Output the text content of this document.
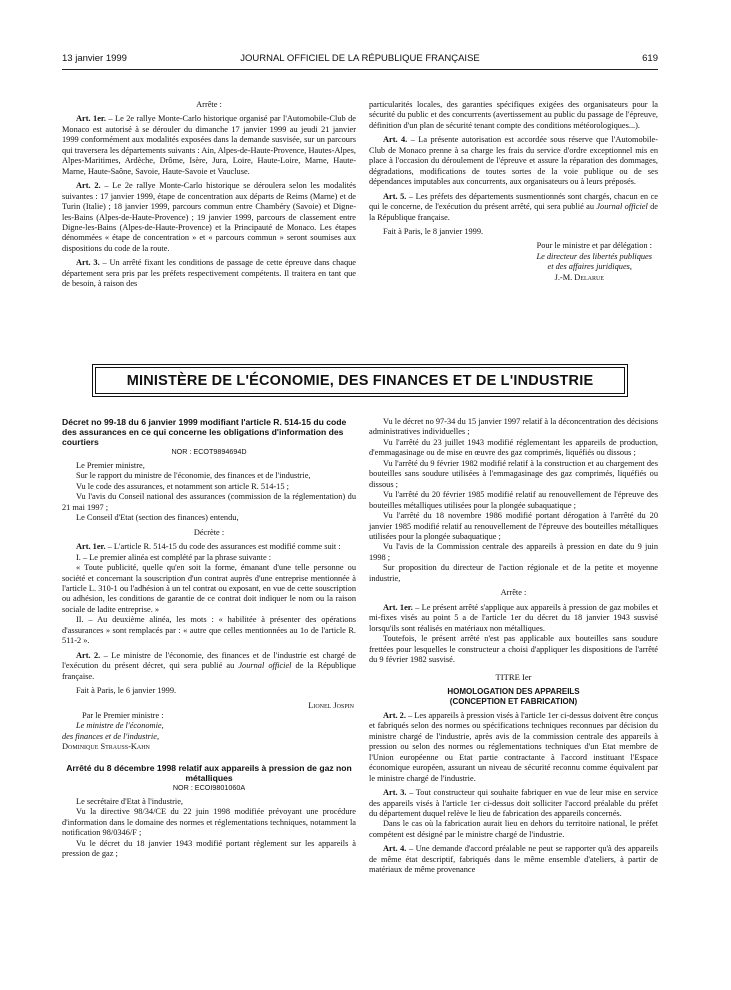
13 janvier 1999	JOURNAL OFFICIEL DE LA RÉPUBLIQUE FRANÇAISE	619

Arrête :

Art. 1er. – Le 2e rallye Monte-Carlo historique organisé par l'Automobile-Club de Monaco est autorisé à se dérouler du dimanche 17 janvier 1999 au jeudi 21 janvier 1999 conformément aux modalités exposées dans la demande susvisée, sur un parcours qui traversera les départements suivants : Ain, Alpes-de-Haute-Provence, Hautes-Alpes, Alpes-Maritimes, Ardèche, Drôme, Isère, Jura, Loire, Haute-Loire, Marne, Haute-Marne, Haute-Saône, Savoie, Haute-Savoie et Vaucluse.

Art. 2. – Le 2e rallye Monte-Carlo historique se déroulera selon les modalités suivantes : 17 janvier 1999, étape de concentration aux départs de Reims (Marne) et de Turin (Italie) ; 18 janvier 1999, parcours commun entre Chambéry (Savoie) et Digne-les-Bains (Alpes-de-Haute-Provence) ; 19 janvier 1999, parcours de classement entre Digne-les-Bains (Alpes-de-Haute-Provence) et la Principauté de Monaco. Les étapes dénommées « étape de concentration » et « parcours commun » seront soumises aux dispositions du code de la route.

Art. 3. – Un arrêté fixant les conditions de passage de cette épreuve dans chaque département sera pris par les préfets respectivement compétents. Il traitera en tant que de besoin, à raison des

particularités locales, des garanties spécifiques exigées des organisateurs pour la sécurité du public et des concurrents (avertissement au public du passage de l'épreuve, définition d'un plan de sécurité tenant compte des conditions météorologiques...).

Art. 4. – La présente autorisation est accordée sous réserve que l'Automobile-Club de Monaco prenne à sa charge les frais du service d'ordre exceptionnel mis en place à l'occasion du déroulement de l'épreuve et assure la réparation des dommages, dégradations, modifications de toutes sortes de la voie publique ou de ses dépendances imputables aux concurrents, aux organisateurs ou à leurs préposés.

Art. 5. – Les préfets des départements susmentionnés sont chargés, chacun en ce qui le concerne, de l'exécution du présent arrêté, qui sera publié au Journal officiel de la République française.

Fait à Paris, le 8 janvier 1999.

Pour le ministre et par délégation :

Le directeur des libertés publiques

et des affaires juridiques,

J.-M. Delarue

MINISTÈRE DE L'ÉCONOMIE, DES FINANCES ET DE L'INDUSTRIE

Décret no 99-18 du 6 janvier 1999 modifiant l'article R. 514-15 du code des assurances en ce qui concerne les obligations d'information des courtiers

NOR : ECOT9894694D

Le Premier ministre,

Sur le rapport du ministre de l'économie, des finances et de l'industrie,

Vu le code des assurances, et notamment son article R. 514-15 ;

Vu l'avis du Conseil national des assurances (commission de la réglementation) du 21 mai 1997 ;

Le Conseil d'Etat (section des finances) entendu,

Décrète :

Art. 1er. – L'article R. 514-15 du code des assurances est modifié comme suit :

I. – Le premier alinéa est complété par la phrase suivante :

« Toute publicité, quelle qu'en soit la forme, émanant d'une telle personne ou société et concernant la souscription d'un contrat auprès d'une entreprise mentionnée à l'article L. 310-1 ou l'adhésion à un tel contrat ou exposant, en vue de cette souscription ou adhésion, les conditions de garantie de ce contrat doit indiquer le nom ou la raison sociale de ladite entreprise. »

II. – Au deuxième alinéa, les mots : « habilitée à présenter des opérations d'assurances » sont remplacés par : « autre que celles mentionnées au 1o de l'article R. 511-2 ».

Art. 2. – Le ministre de l'économie, des finances et de l'industrie est chargé de l'exécution du présent décret, qui sera publié au Journal officiel de la République française.

Fait à Paris, le 6 janvier 1999.

Lionel Jospin

Par le Premier ministre :

Le ministre de l'économie,

des finances et de l'industrie,

Dominique Strauss-Kahn

Arrêté du 8 décembre 1998 relatif aux appareils à pression de gaz non métalliques

NOR : ECOI9801060A

Le secrétaire d'Etat à l'industrie,

Vu la directive 98/34/CE du 22 juin 1998 modifiée prévoyant une procédure d'information dans le domaine des normes et réglementations techniques, notamment la notification 98/0346/F ;

Vu le décret du 18 janvier 1943 modifié portant règlement sur les appareils à pression de gaz ;

Vu le décret no 97-34 du 15 janvier 1997 relatif à la déconcentration des décisions administratives individuelles ;

Vu l'arrêté du 23 juillet 1943 modifié réglementant les appareils de production, d'emmagasinage ou de mise en œuvre des gaz comprimés, liquéfiés ou dissous ;

Vu l'arrêté du 9 février 1982 modifié relatif à la construction et au chargement des bouteilles sans soudure utilisées à l'emmagasinage des gaz comprimés, liquéfiés ou dissous ;

Vu l'arrêté du 20 février 1985 modifié relatif au renouvellement de l'épreuve des bouteilles métalliques utilisées pour la plongée subaquatique ;

Vu l'arrêté du 18 novembre 1986 modifié portant dérogation à l'arrêté du 20 janvier 1985 modifié relatif au renouvellement de l'épreuve des bouteilles métalliques utilisées pour la plongée subaquatique ;

Vu l'avis de la Commission centrale des appareils à pression en date du 9 juin 1998 ;

Sur proposition du directeur de l'action régionale et de la petite et moyenne industrie,

Arrête :

Art. 1er. – Le présent arrêté s'applique aux appareils à pression de gaz mobiles et mi-fixes visés au point 5 a de l'article 1er du décret du 18 janvier 1943 susvisé lorsqu'ils sont réalisés en matériaux non métalliques.

Toutefois, le présent arrêté n'est pas applicable aux bouteilles sans soudure frettées pour lesquelles le constructeur a choisi d'appliquer les dispositions de l'arrêté du 9 février 1982 susvisé.

TITRE Ier

HOMOLOGATION DES APPAREILS

(CONCEPTION ET FABRICATION)

Art. 2. – Les appareils à pression visés à l'article 1er ci-dessus doivent être conçus et fabriqués selon des normes ou spécifications techniques reconnues par décision du ministre chargé de l'industrie, après avis de la commission centrale des appareils à pression ou selon des normes ou réglementations techniques d'un Etat membre de l'Union européenne ou Etat partie contractante à l'accord instituant l'Espace économique européen, assurant un niveau de sécurité reconnu comme équivalent par le ministre chargé de l'industrie.

Art. 3. – Tout constructeur qui souhaite fabriquer en vue de leur mise en service des appareils visés à l'article 1er ci-dessus doit solliciter l'accord préalable du préfet du département duquel relève le lieu de fabrication des appareils concernés.

Dans le cas où la fabrication aurait lieu en dehors du territoire national, le préfet compétent est désigné par le ministre chargé de l'industrie.

Art. 4. – Une demande d'accord préalable ne peut se rapporter qu'à des appareils de même état descriptif, fabriqués dans le même ensemble d'ateliers, à partir de matériaux de même provenance
